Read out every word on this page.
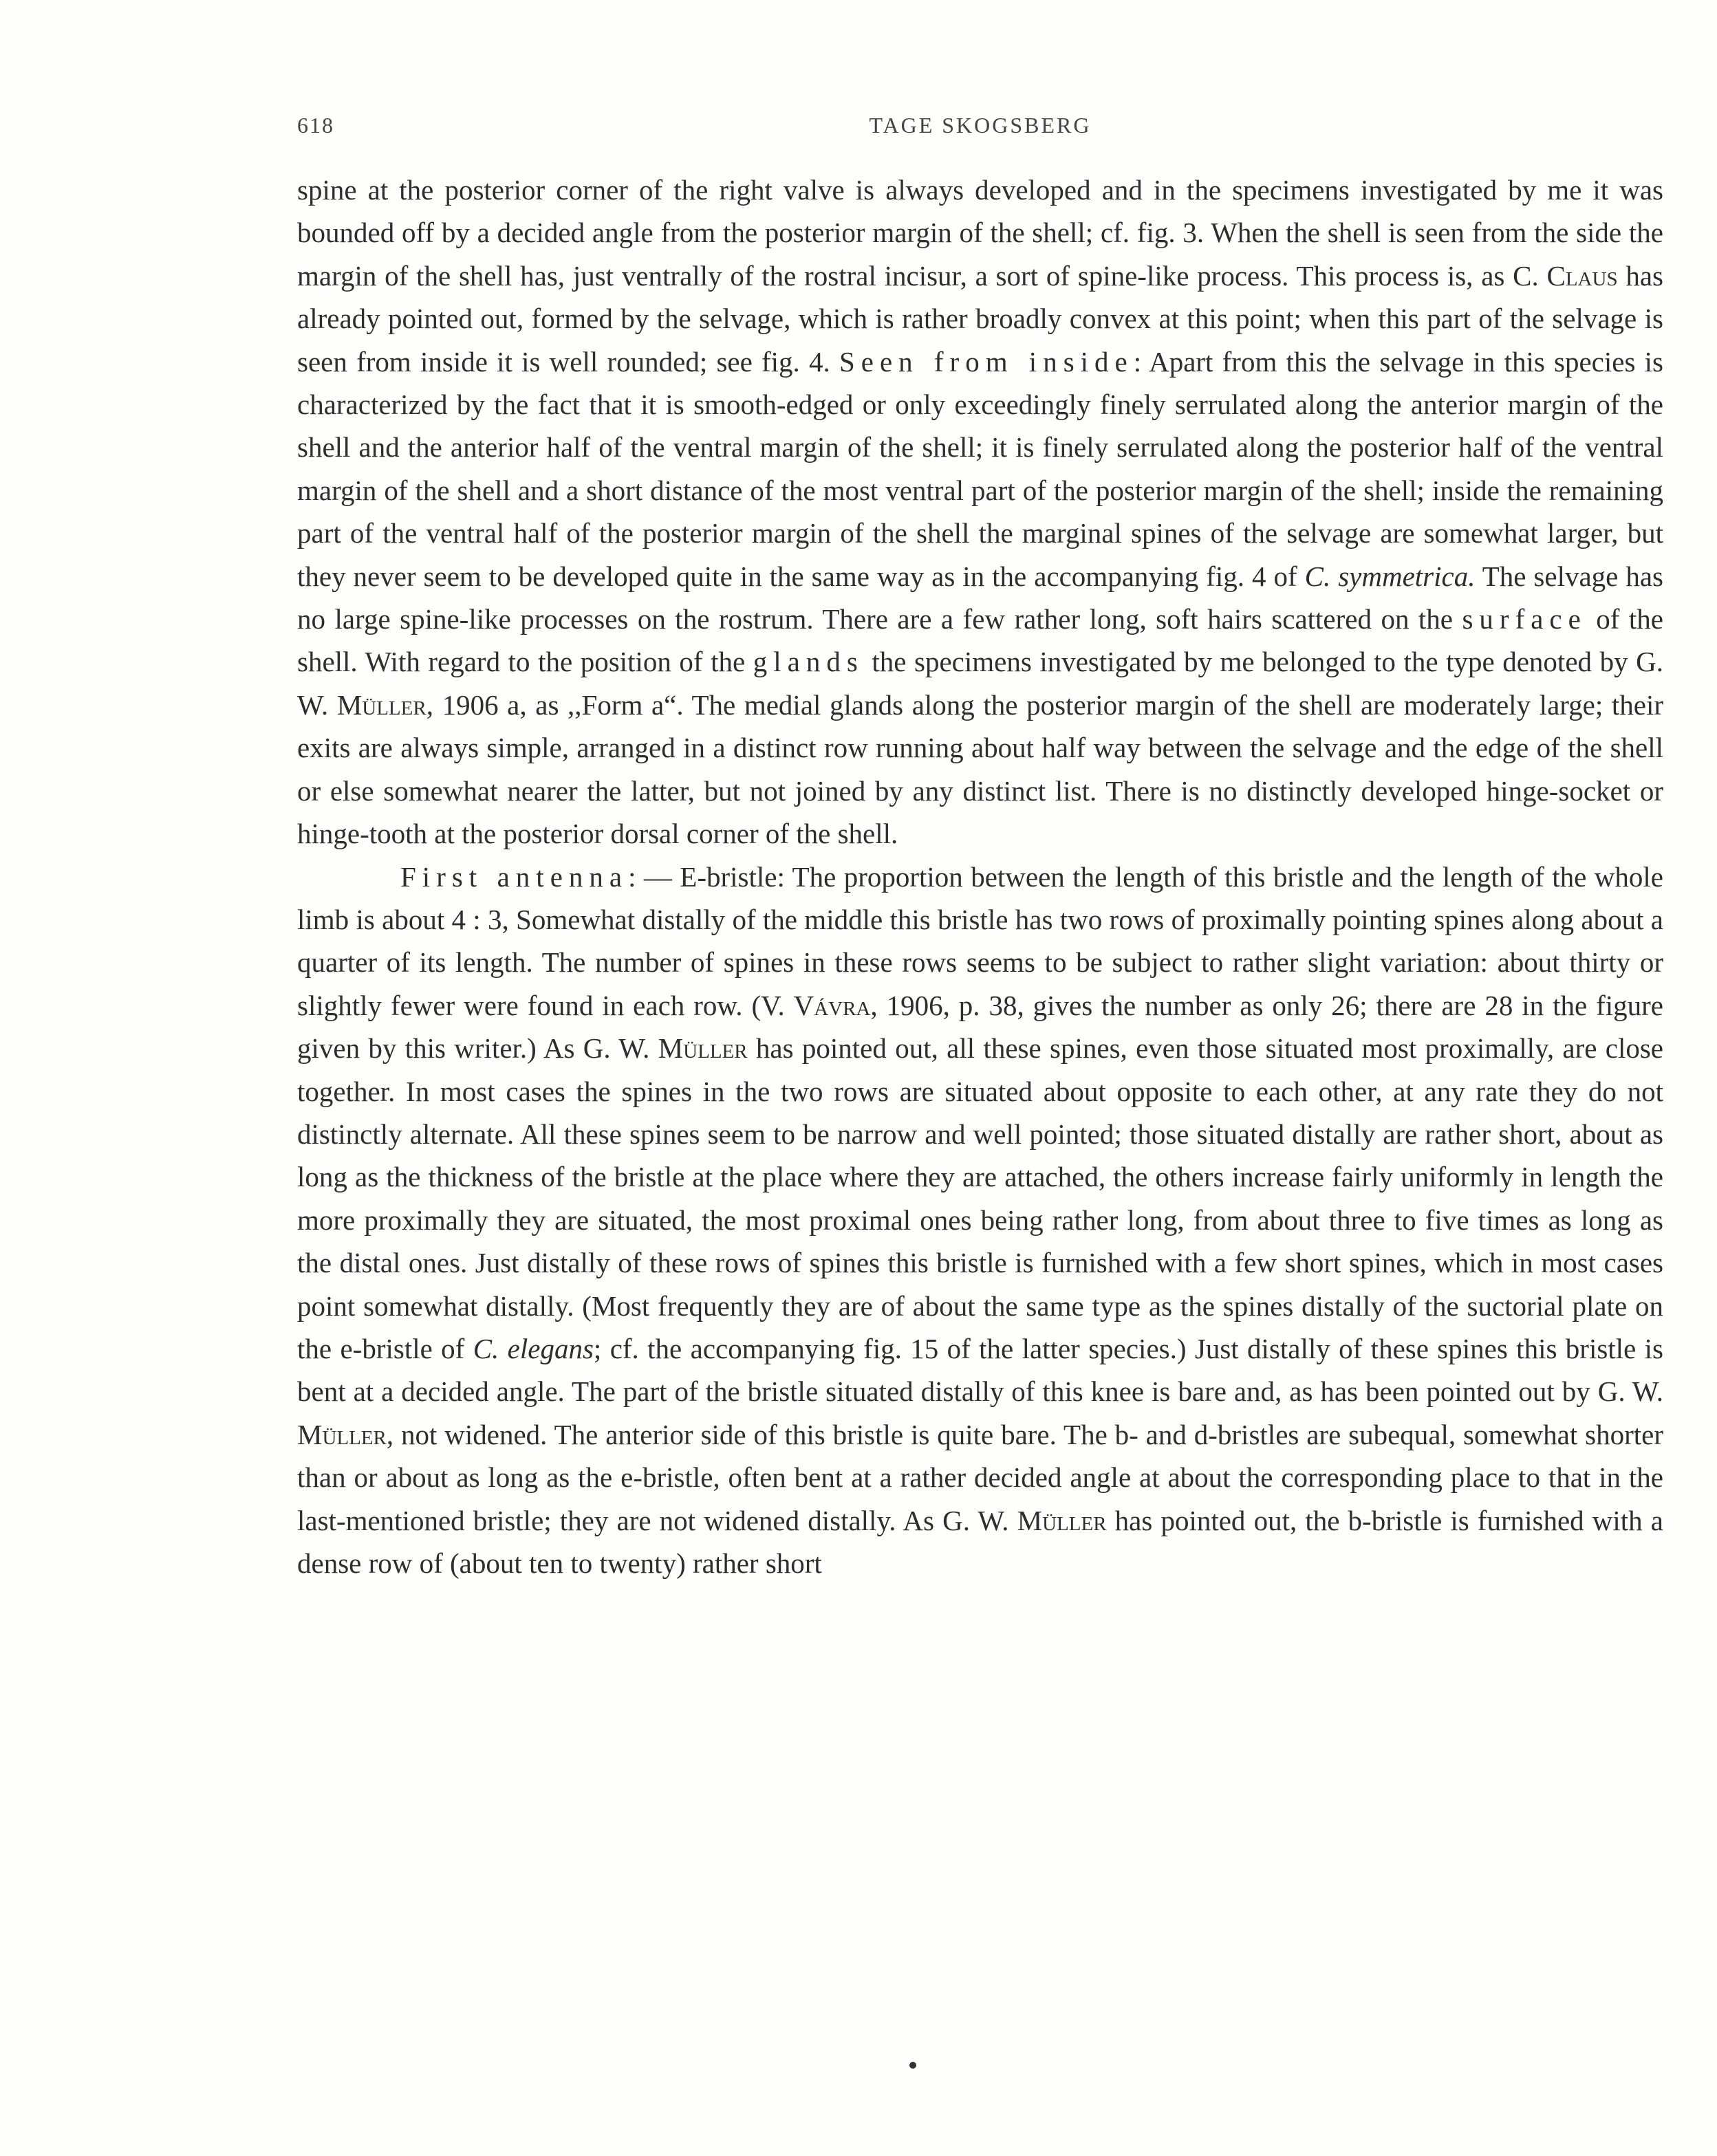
618	TAGE SKOGSBERG

spine at the posterior corner of the right valve is always developed and in the specimens investigated by me it was bounded off by a decided angle from the posterior margin of the shell; cf. fig. 3. When the shell is seen from the side the margin of the shell has, just ventrally of the rostral incisur, a sort of spine-like process. This process is, as C. Claus has already pointed out, formed by the selvage, which is rather broadly convex at this point; when this part of the selvage is seen from inside it is well rounded; see fig. 4. Seen from inside: Apart from this the selvage in this species is characterized by the fact that it is smooth-edged or only exceedingly finely serrulated along the anterior margin of the shell and the anterior half of the ventral margin of the shell; it is finely serrulated along the posterior half of the ventral margin of the shell and a short distance of the most ventral part of the posterior margin of the shell; inside the remaining part of the ventral half of the posterior margin of the shell the marginal spines of the selvage are somewhat larger, but they never seem to be developed quite in the same way as in the accompanying fig. 4 of C. symmetrica. The selvage has no large spine-like processes on the rostrum. There are a few rather long, soft hairs scattered on the surface of the shell. With regard to the position of the glands the specimens investigated by me belonged to the type denoted by G. W. Müller, 1906 a, as ,,Form a“. The medial glands along the posterior margin of the shell are moderately large; their exits are always simple, arranged in a distinct row running about half way between the selvage and the edge of the shell or else somewhat nearer the latter, but not joined by any distinct list. There is no distinctly developed hinge-socket or hinge-tooth at the posterior dorsal corner of the shell.

First antenna: — E-bristle: The proportion between the length of this bristle and the length of the whole limb is about 4 : 3, Somewhat distally of the middle this bristle has two rows of proximally pointing spines along about a quarter of its length. The number of spines in these rows seems to be subject to rather slight variation: about thirty or slightly fewer were found in each row. (V. Vávra, 1906, p. 38, gives the number as only 26; there are 28 in the figure given by this writer.) As G. W. Müller has pointed out, all these spines, even those situated most proximally, are close together. In most cases the spines in the two rows are situated about opposite to each other, at any rate they do not distinctly alternate. All these spines seem to be narrow and well pointed; those situated distally are rather short, about as long as the thickness of the bristle at the place where they are attached, the others increase fairly uniformly in length the more proximally they are situated, the most proximal ones being rather long, from about three to five times as long as the distal ones. Just distally of these rows of spines this bristle is furnished with a few short spines, which in most cases point somewhat distally. (Most frequently they are of about the same type as the spines distally of the suctorial plate on the e-bristle of C. elegans; cf. the accompanying fig. 15 of the latter species.) Just distally of these spines this bristle is bent at a decided angle. The part of the bristle situated distally of this knee is bare and, as has been pointed out by G. W. Müller, not widened. The anterior side of this bristle is quite bare. The b- and d-bristles are subequal, somewhat shorter than or about as long as the e-bristle, often bent at a rather decided angle at about the corresponding place to that in the last-mentioned bristle; they are not widened distally. As G. W. Müller has pointed out, the b-bristle is furnished with a dense row of (about ten to twenty) rather short
